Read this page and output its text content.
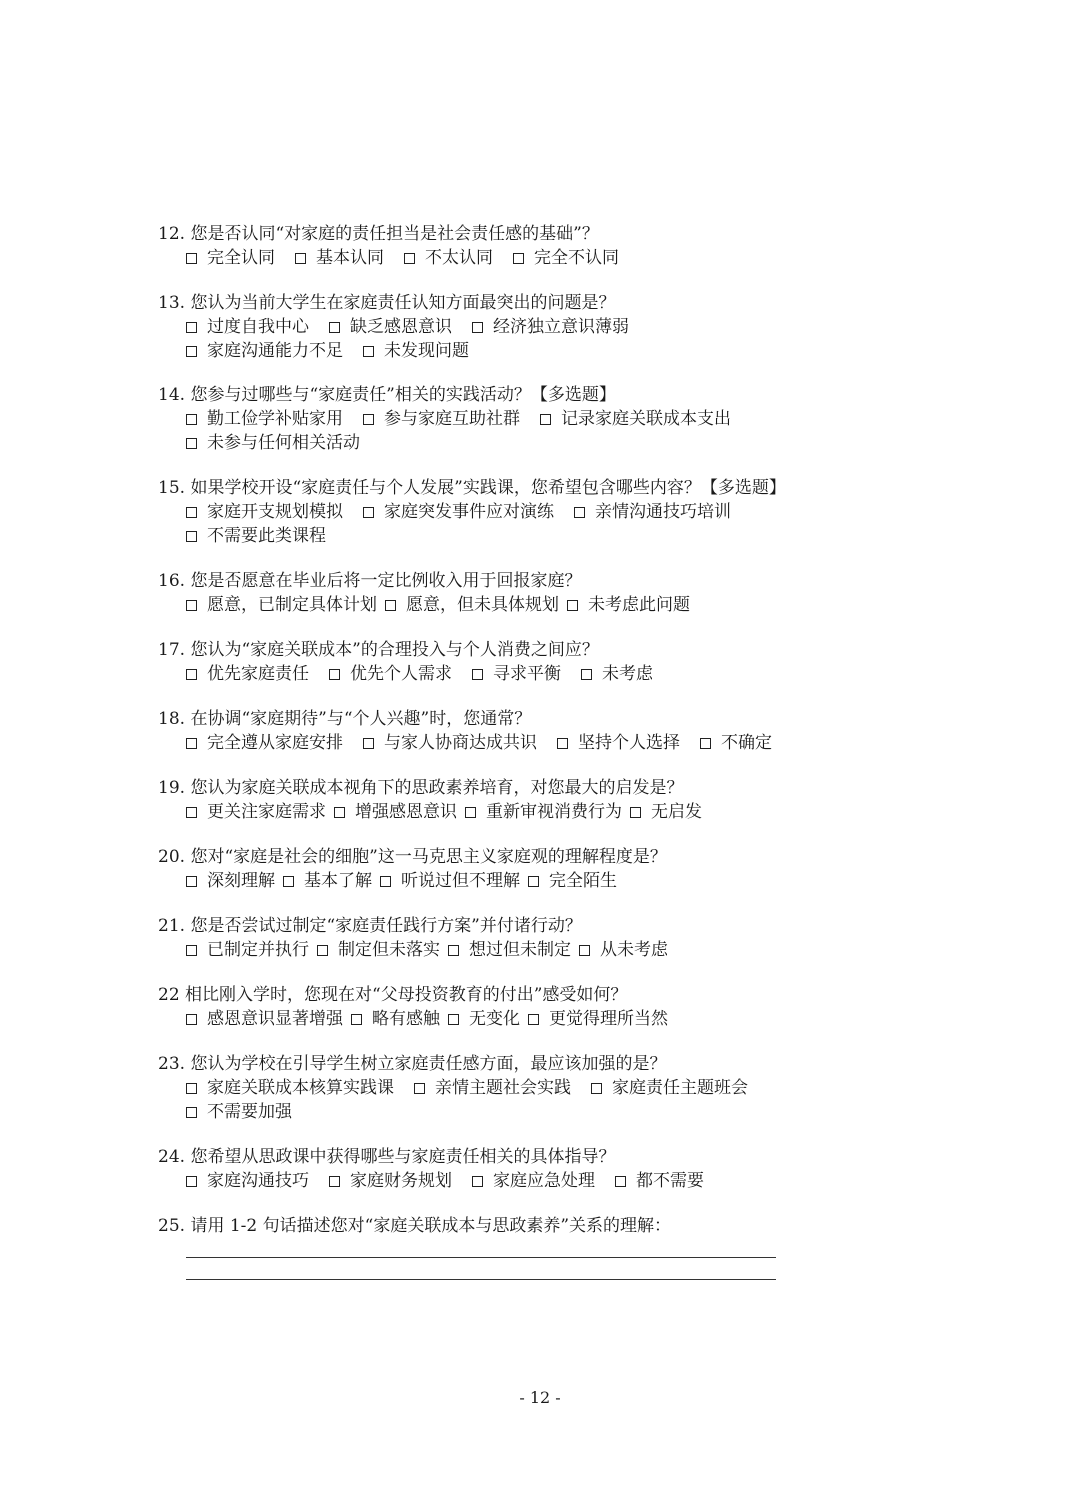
12. 您是否认同“对家庭的责任担当是社会责任感的基础”？
完全认同 基本认同 不太认同 完全不认同
13. 您认为当前大学生在家庭责任认知方面最突出的问题是？
过度自我中心 缺乏感恩意识 经济独立意识薄弱
家庭沟通能力不足 未发现问题
14. 您参与过哪些与“家庭责任”相关的实践活动？【多选题】
勤工俭学补贴家用 参与家庭互助社群 记录家庭关联成本支出
未参与任何相关活动
15. 如果学校开设“家庭责任与个人发展”实践课，您希望包含哪些内容？【多选题】
家庭开支规划模拟 家庭突发事件应对演练 亲情沟通技巧培训
不需要此类课程
16. 您是否愿意在毕业后将一定比例收入用于回报家庭？
愿意，已制定具体计划 愿意，但未具体规划 未考虑此问题
17. 您认为“家庭关联成本”的合理投入与个人消费之间应？
优先家庭责任 优先个人需求 寻求平衡 未考虑
18. 在协调“家庭期待”与“个人兴趣”时，您通常？
完全遵从家庭安排 与家人协商达成共识 坚持个人选择 不确定
19. 您认为家庭关联成本视角下的思政素养培育，对您最大的启发是？
更关注家庭需求 增强感恩意识 重新审视消费行为 无启发
20. 您对“家庭是社会的细胞”这一马克思主义家庭观的理解程度是？
深刻理解 基本了解 听说过但不理解 完全陌生
21. 您是否尝试过制定“家庭责任践行方案”并付诸行动？
已制定并执行 制定但未落实 想过但未制定 从未考虑
22 相比刚入学时，您现在对“父母投资教育的付出”感受如何？
感恩意识显著增强 略有感触 无变化 更觉得理所当然
23. 您认为学校在引导学生树立家庭责任感方面，最应该加强的是？
家庭关联成本核算实践课 亲情主题社会实践 家庭责任主题班会
不需要加强
24. 您希望从思政课中获得哪些与家庭责任相关的具体指导？
家庭沟通技巧 家庭财务规划 家庭应急处理 都不需要
25. 请用 1-2 句话描述您对“家庭关联成本与思政素养”关系的理解：
- 12 -
